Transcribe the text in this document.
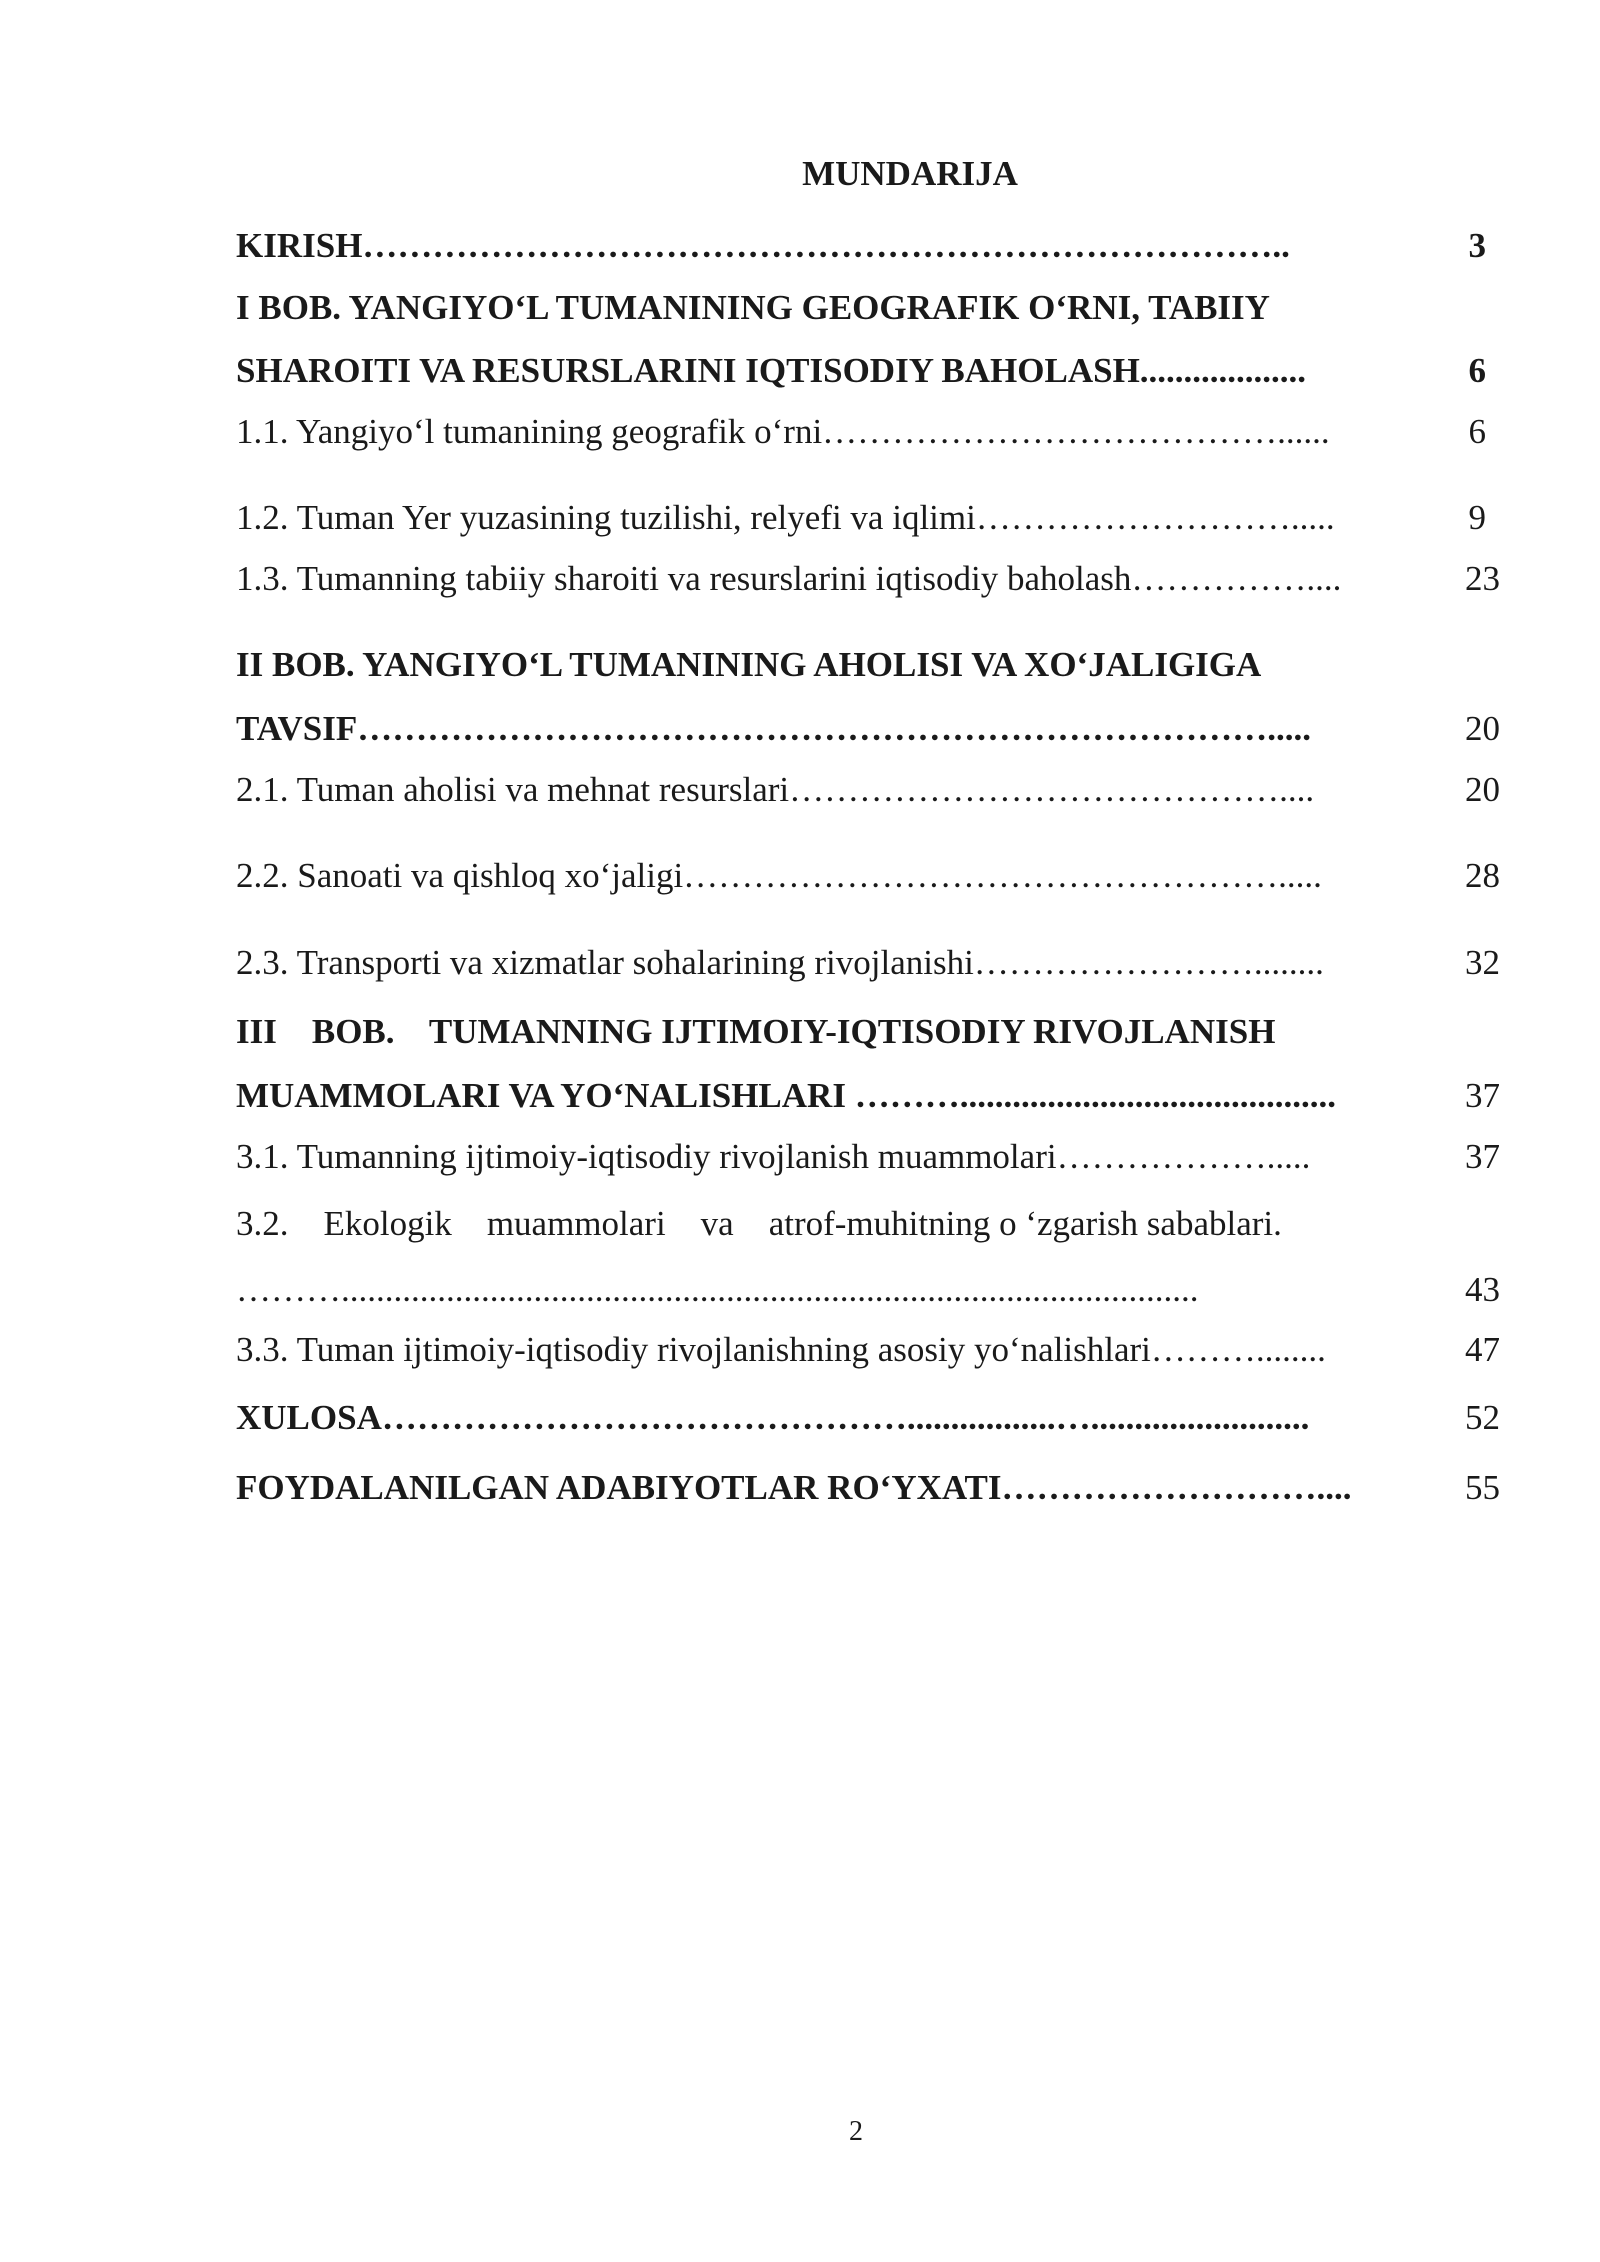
MUNDARIJA
KIRISH……………………………………………………………………..	3
I BOB. YANGIYO‘L TUMANINING GEOGRAFIK O‘RNI, TABIIY
SHAROITI VA RESURSLARINI IQTISODIY BAHOLASH...................	6
1.1. Yangiyo‘l tumanining geografik o‘rni…………………………………......	6
1.2. Tuman Yer yuzasining tuzilishi, relyefi va iqlimi……………………….....	9
1.3. Tumanning tabiiy sharoiti va resurslarini iqtisodiy baholash……………....	23
II BOB. YANGIYO‘L TUMANINING AHOLISI VA XO‘JALIGIGA
TAVSIF…………………………………………………………………….....	20
2.1. Tuman aholisi va mehnat resurslari……………………………………....	20
2.2. Sanoati va qishloq xo‘jaligi…………………………………………….....	28
2.3. Transporti va xizmatlar sohalarining rivojlanishi……………………........	32
III    BOB.    TUMANNING IJTIMOIY-IQTISODIY RIVOJLANISH
MUAMMOLARI VA YO‘NALISHLARI ………...........................................	37
3.1. Tumanning ijtimoiy-iqtisodiy rivojlanish muammolari……………….....	37
3.2.    Ekologik    muammolari    va    atrof-muhitning o ‘zgarish sabablari.
………..................................................................................................	43
3.3. Tuman ijtimoiy-iqtisodiy rivojlanishning asosiy yo‘nalishlari………........	47
XULOSA……………………………………….................….........................	52
FOYDALANILGAN ADABIYOTLAR RO‘YXATI………………………....	55
2
